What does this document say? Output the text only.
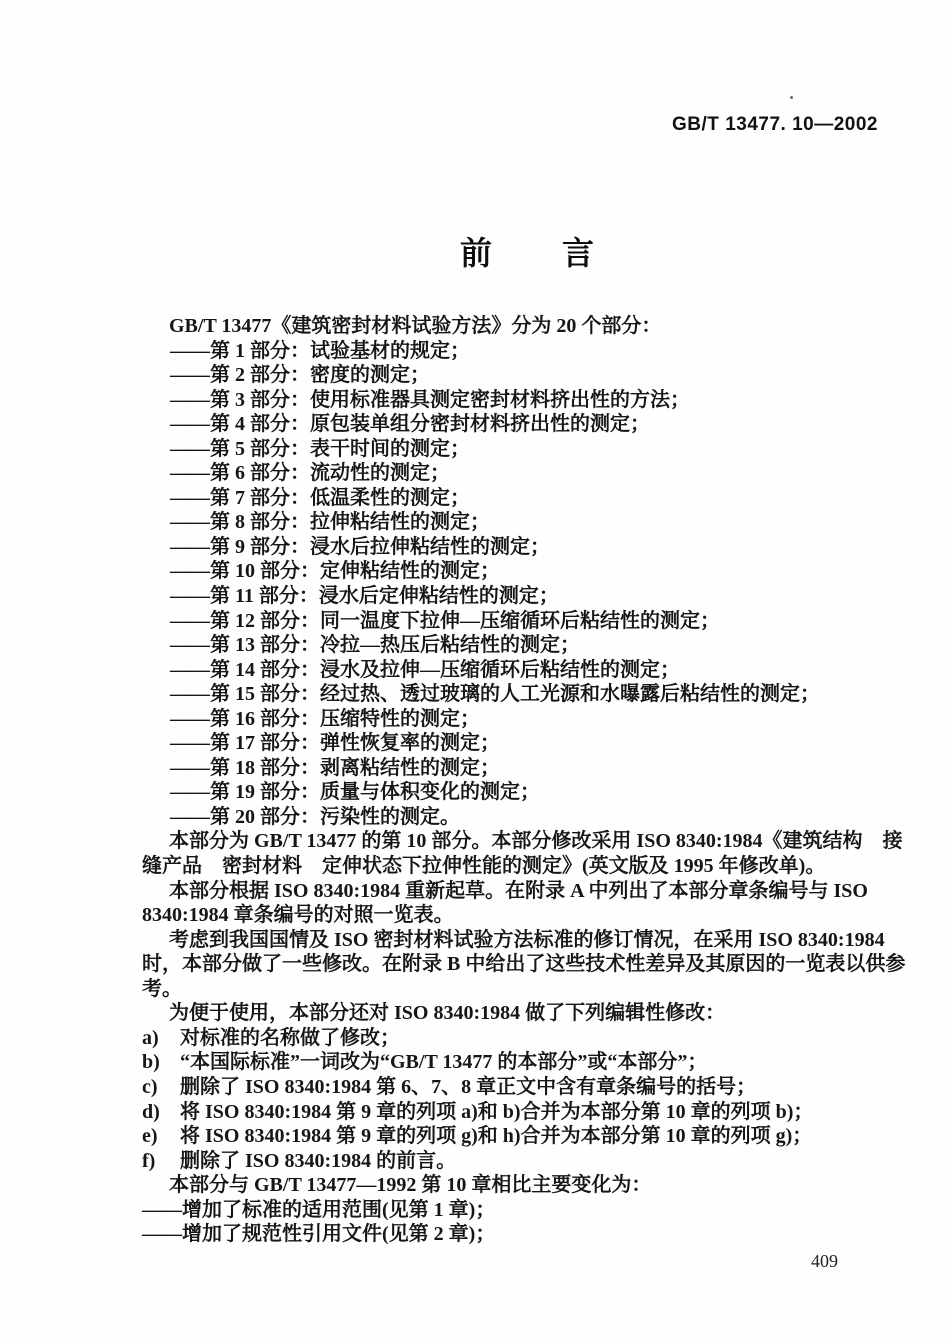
GB/T 13477. 10—2002
前　　言

GB/T 13477《建筑密封材料试验方法》分为 20 个部分：

——第 1 部分：试验基材的规定；

——第 2 部分：密度的测定；

——第 3 部分：使用标准器具测定密封材料挤出性的方法；

——第 4 部分：原包装单组分密封材料挤出性的测定；

——第 5 部分：表干时间的测定；

——第 6 部分：流动性的测定；

——第 7 部分：低温柔性的测定；

——第 8 部分：拉伸粘结性的测定；

——第 9 部分：浸水后拉伸粘结性的测定；

——第 10 部分：定伸粘结性的测定；

——第 11 部分：浸水后定伸粘结性的测定；

——第 12 部分：同一温度下拉伸—压缩循环后粘结性的测定；

——第 13 部分：冷拉—热压后粘结性的测定；

——第 14 部分：浸水及拉伸—压缩循环后粘结性的测定；

——第 15 部分：经过热、透过玻璃的人工光源和水曝露后粘结性的测定；

——第 16 部分：压缩特性的测定；

——第 17 部分：弹性恢复率的测定；

——第 18 部分：剥离粘结性的测定；

——第 19 部分：质量与体积变化的测定；

——第 20 部分：污染性的测定。

本部分为 GB/T 13477 的第 10 部分。本部分修改采用 ISO 8340:1984《建筑结构　接缝产品　密封材料　定伸状态下拉伸性能的测定》(英文版及 1995 年修改单)。

本部分根据 ISO 8340:1984 重新起草。在附录 A 中列出了本部分章条编号与 ISO 8340:1984 章条编号的对照一览表。

考虑到我国国情及 ISO 密封材料试验方法标准的修订情况，在采用 ISO 8340:1984 时，本部分做了一些修改。在附录 B 中给出了这些技术性差异及其原因的一览表以供参考。

为便于使用，本部分还对 ISO 8340:1984 做了下列编辑性修改：

a) 对标准的名称做了修改；

b) “本国际标准”一词改为“GB/T 13477 的本部分”或“本部分”；

c) 删除了 ISO 8340:1984 第 6、7、8 章正文中含有章条编号的括号；

d) 将 ISO 8340:1984 第 9 章的列项 a)和 b)合并为本部分第 10 章的列项 b)；

e) 将 ISO 8340:1984 第 9 章的列项 g)和 h)合并为本部分第 10 章的列项 g)；

f) 删除了 ISO 8340:1984 的前言。

本部分与 GB/T 13477—1992 第 10 章相比主要变化为：

——增加了标准的适用范围(见第 1 章)；

——增加了规范性引用文件(见第 2 章)；

409
